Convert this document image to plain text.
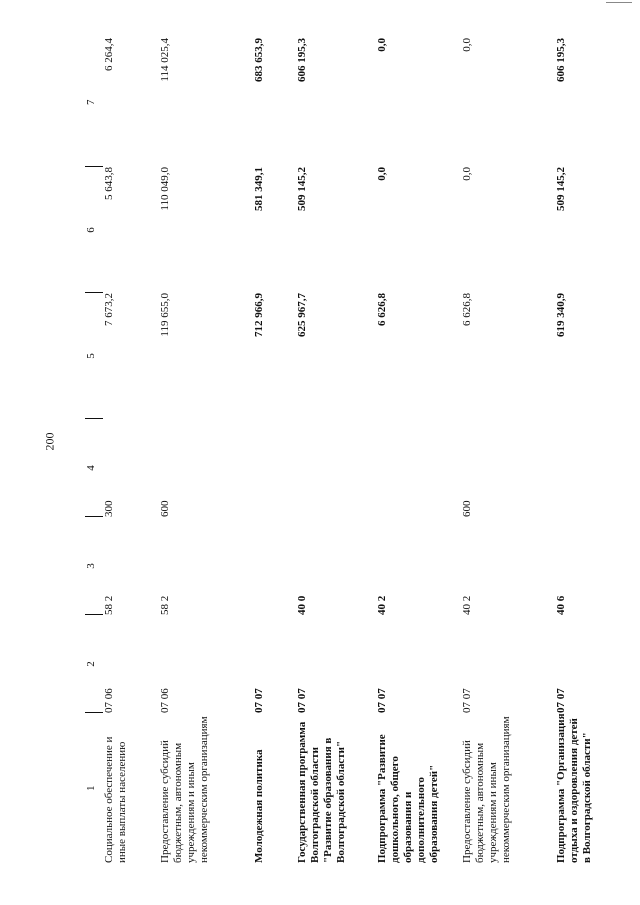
200
1	2	3	4	5	6	7
Социальное обеспечение и иные выплаты населению	07 06	58 2	300	7 673,2	5 643,8	6 264,4
Предоставление субсидий бюджетным, автономным учреждениям и иным некоммерческим организациям	07 06	58 2	600	119 655,0	110 049,0	114 025,4
Молодежная политика	07 07			712 966,9	581 349,1	683 653,9
Государственная программа Волгоградской области "Развитие образования в Волгоградской области"	07 07	40 0		625 967,7	509 145,2	606 195,3
Подпрограмма "Развитие дошкольного, общего образования и дополнительного образования детей"	07 07	40 2		6 626,8	0,0	0,0
Предоставление субсидий бюджетным, автономным учреждениям и иным некоммерческим организациям	07 07	40 2	600	6 626,8	0,0	0,0
Подпрограмма "Организация отдыха и оздоровления детей в Волгоградской области"	07 07	40 6		619 340,9	509 145,2	606 195,3
